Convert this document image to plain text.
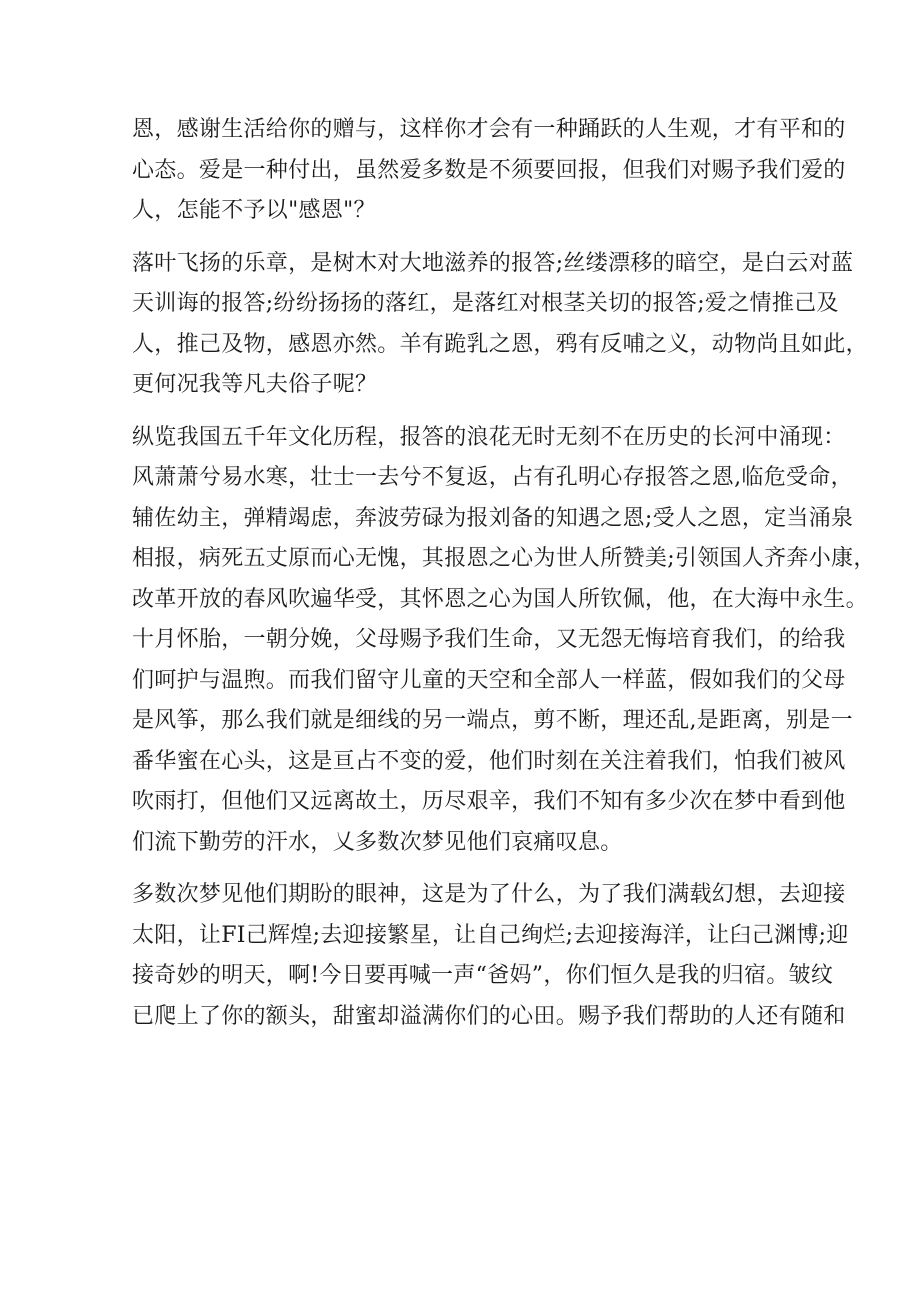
恩，感谢生活给你的赠与，这样你才会有一种踊跃的人生观，才有平和的
心态。爱是一种付出，虽然爱多数是不须要回报，但我们对赐予我们爱的
人，怎能不予以"感恩"？
落叶飞扬的乐章，是树木对大地滋养的报答;丝缕漂移的暗空，是白云对蓝
天训诲的报答;纷纷扬扬的落红，是落红对根茎关切的报答;爱之情推己及
人，推己及物，感恩亦然。羊有跪乳之恩，鸦有反哺之义，动物尚且如此，
更何况我等凡夫俗子呢？
纵览我国五千年文化历程，报答的浪花无时无刻不在历史的长河中涌现：
风萧萧兮易水寒，壮士一去兮不复返，占有孔明心存报答之恩,临危受命，
辅佐幼主，弹精竭虑，奔波劳碌为报刘备的知遇之恩;受人之恩，定当涌泉
相报，病死五丈原而心无愧，其报恩之心为世人所赞美;引领国人齐奔小康，
改革开放的春风吹遍华受，其怀恩之心为国人所钦佩，他，在大海中永生。
十月怀胎，一朝分娩，父母赐予我们生命，又无怨无悔培育我们，的给我
们呵护与温煦。而我们留守儿童的天空和全部人一样蓝，假如我们的父母
是风筝，那么我们就是细线的另一端点，剪不断，理还乱,是距离，别是一
番华蜜在心头，这是亘占不变的爱，他们时刻在关注着我们，怕我们被风
吹雨打，但他们又远离故土，历尽艰辛，我们不知有多少次在梦中看到他
们流下勤劳的汗水，乂多数次梦见他们哀痛叹息。
多数次梦见他们期盼的眼神，这是为了什么，为了我们满载幻想，去迎接
太阳，让FI己辉煌;去迎接繁星，让自己绚烂;去迎接海洋，让臼己渊博;迎
接奇妙的明天，啊!今日要再喊一声“爸妈”，你们恒久是我的归宿。皱纹
已爬上了你的额头，甜蜜却溢满你们的心田。赐予我们帮助的人还有随和
